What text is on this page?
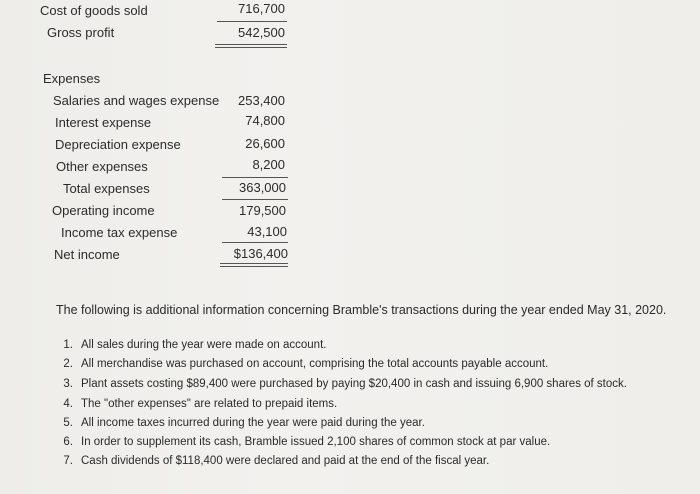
Cost of goods sold	716,700
Gross profit	542,500
Expenses
Salaries and wages expense	253,400
Interest expense	74,800
Depreciation expense	26,600
Other expenses	8,200
Total expenses	363,000
Operating income	179,500
Income tax expense	43,100
Net income	$136,400
The following is additional information concerning Bramble's transactions during the year ended May 31, 2020.
1. All sales during the year were made on account.
2. All merchandise was purchased on account, comprising the total accounts payable account.
3. Plant assets costing $89,400 were purchased by paying $20,400 in cash and issuing 6,900 shares of stock.
4. The "other expenses" are related to prepaid items.
5. All income taxes incurred during the year were paid during the year.
6. In order to supplement its cash, Bramble issued 2,100 shares of common stock at par value.
7. Cash dividends of $118,400 were declared and paid at the end of the fiscal year.
